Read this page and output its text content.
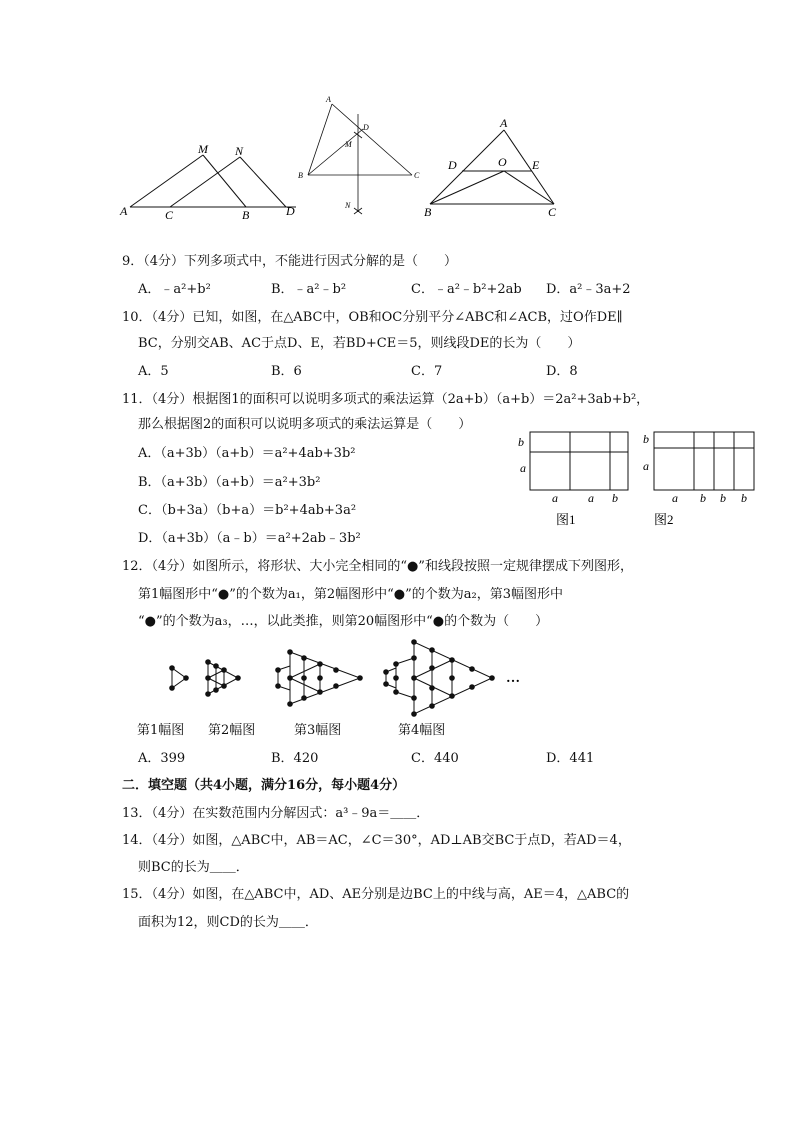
M N
A	C	B	D
A
D
M
B	C
N
A
D	O E
B	C
9．（4分）下列多项式中，不能进行因式分解的是（　　）
A．﹣a²+b²	B．﹣a²﹣b²	C．﹣a²﹣b²+2ab D．a²﹣3a+2
10．（4分）已知，如图，在△ABC中，OB和OC分别平分∠ABC和∠ACB，过O作DE∥
BC，分别交AB、AC于点D、E，若BD+CE＝5，则线段DE的长为（　　）
A．5	B．6	C．7	D．8
11．（4分）根据图1的面积可以说明多项式的乘法运算（2a+b）（a+b）＝2a²+3ab+b²，
那么根据图2的面积可以说明多项式的乘法运算是（　　）
A．（a+3b）（a+b）＝a²+4ab+3b²
B．（a+3b）（a+b）＝a²+3b²
C．（b+3a）（b+a）＝b²+4ab+3a²
D．（a+3b）（a﹣b）＝a²+2ab﹣3b²
b
a
a	a b
图1
b
a
a b b b
图2
12．（4分）如图所示，将形状、大小完全相同的“●”和线段按照一定规律摆成下列图形，
第1幅图形中“●”的个数为a₁，第2幅图形中“●”的个数为a₂，第3幅图形中
“●”的个数为a₃，…，以此类推，则第20幅图形中“●的个数为（　　）
…
第1幅图 第2幅图	第3幅图	第4幅图
A．399	B．420	C．440	D．441
二．填空题（共4小题，满分16分，每小题4分）
13．（4分）在实数范围内分解因式：a³﹣9a＝＿＿．
14．（4分）如图，△ABC中，AB＝AC，∠C＝30°，AD⊥AB交BC于点D，若AD＝4，
则BC的长为＿＿．
15．（4分）如图，在△ABC中，AD、AE分别是边BC上的中线与高，AE＝4，△ABC的
面积为12，则CD的长为＿＿．
